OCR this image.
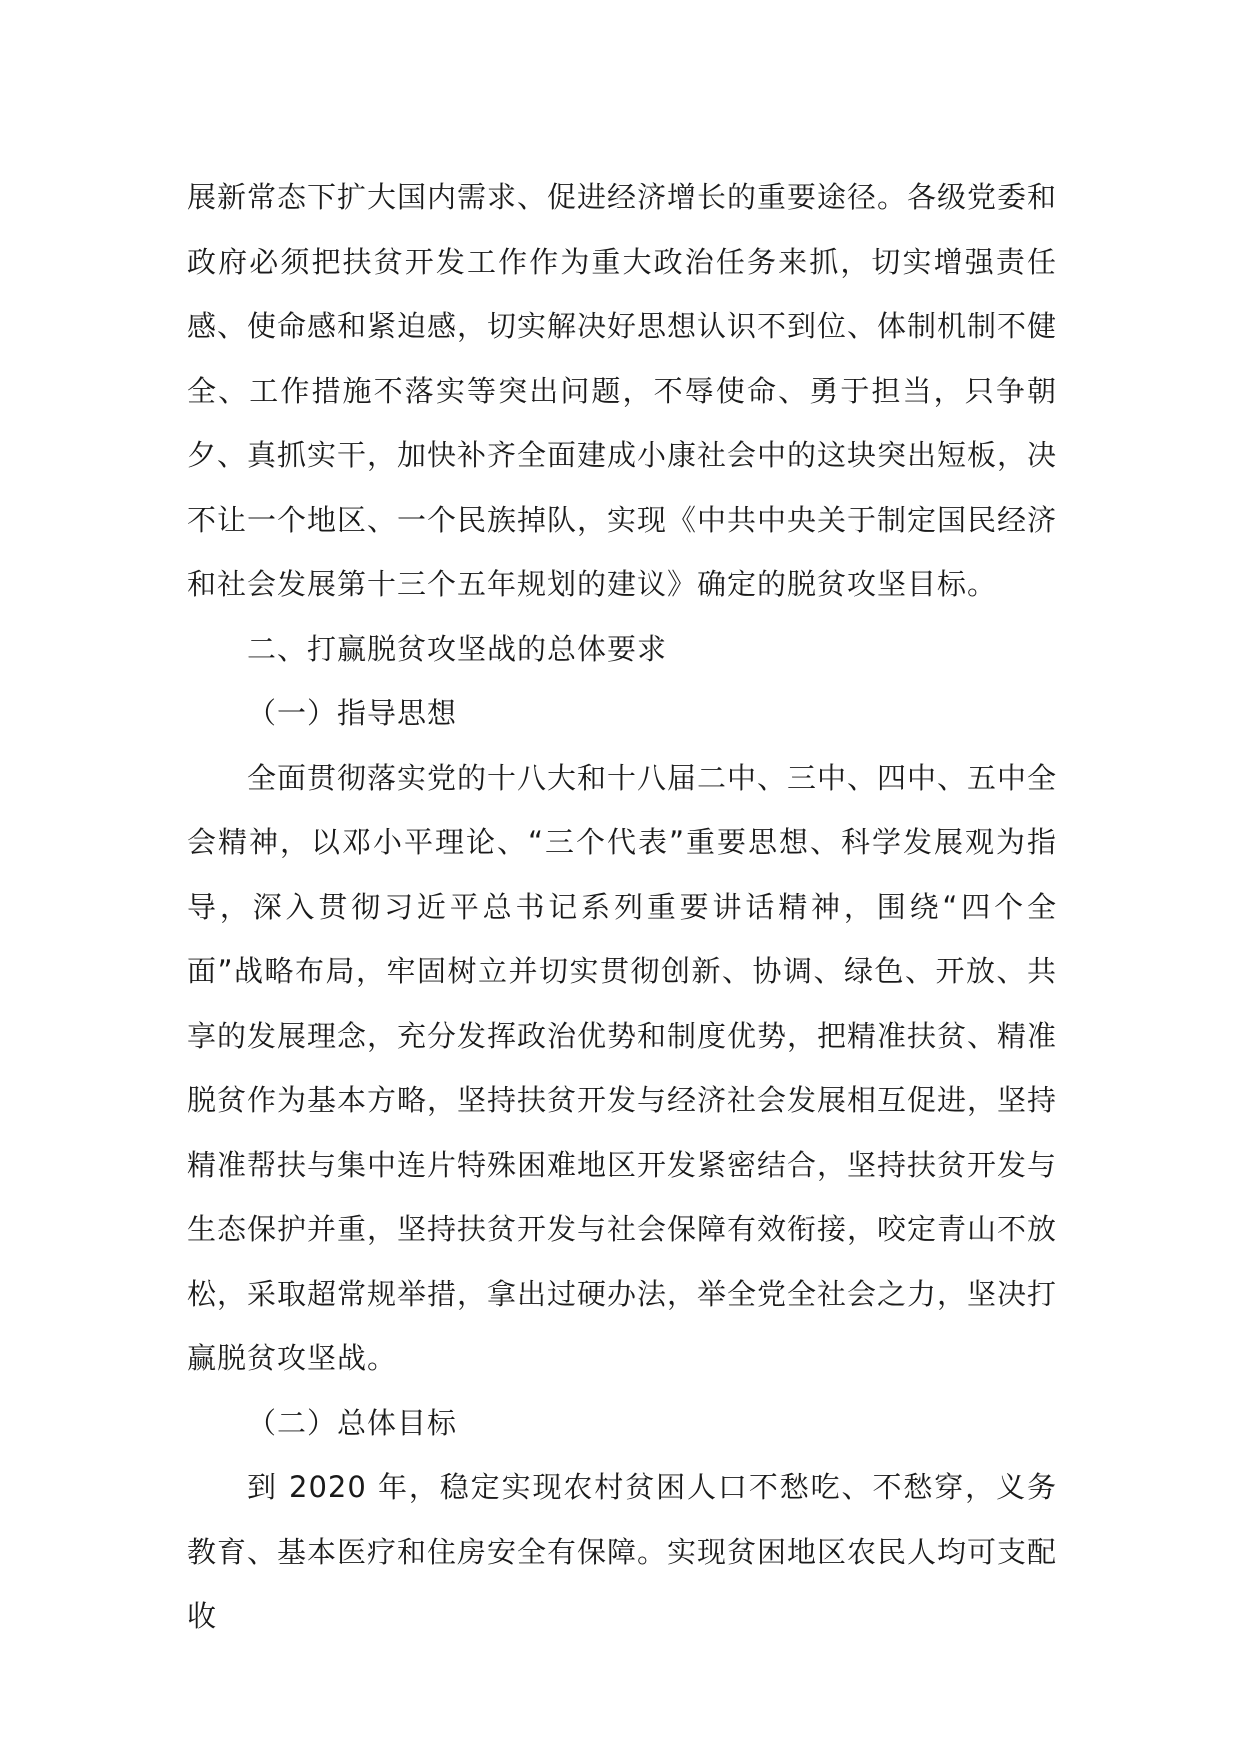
展新常态下扩大国内需求、促进经济增长的重要途径。各级党委和政府必须把扶贫开发工作作为重大政治任务来抓，切实增强责任感、使命感和紧迫感，切实解决好思想认识不到位、体制机制不健全、工作措施不落实等突出问题，不辱使命、勇于担当，只争朝夕、真抓实干，加快补齐全面建成小康社会中的这块突出短板，决不让一个地区、一个民族掉队，实现《中共中央关于制定国民经济和社会发展第十三个五年规划的建议》确定的脱贫攻坚目标。

二、打赢脱贫攻坚战的总体要求

（一）指导思想

全面贯彻落实党的十八大和十八届二中、三中、四中、五中全会精神，以邓小平理论、“三个代表”重要思想、科学发展观为指导，深入贯彻习近平总书记系列重要讲话精神，围绕“四个全面”战略布局，牢固树立并切实贯彻创新、协调、绿色、开放、共享的发展理念，充分发挥政治优势和制度优势，把精准扶贫、精准脱贫作为基本方略，坚持扶贫开发与经济社会发展相互促进，坚持精准帮扶与集中连片特殊困难地区开发紧密结合，坚持扶贫开发与生态保护并重，坚持扶贫开发与社会保障有效衔接，咬定青山不放松，采取超常规举措，拿出过硬办法，举全党全社会之力，坚决打赢脱贫攻坚战。

（二）总体目标

到 2020 年，稳定实现农村贫困人口不愁吃、不愁穿，义务教育、基本医疗和住房安全有保障。实现贫困地区农民人均可支配收
